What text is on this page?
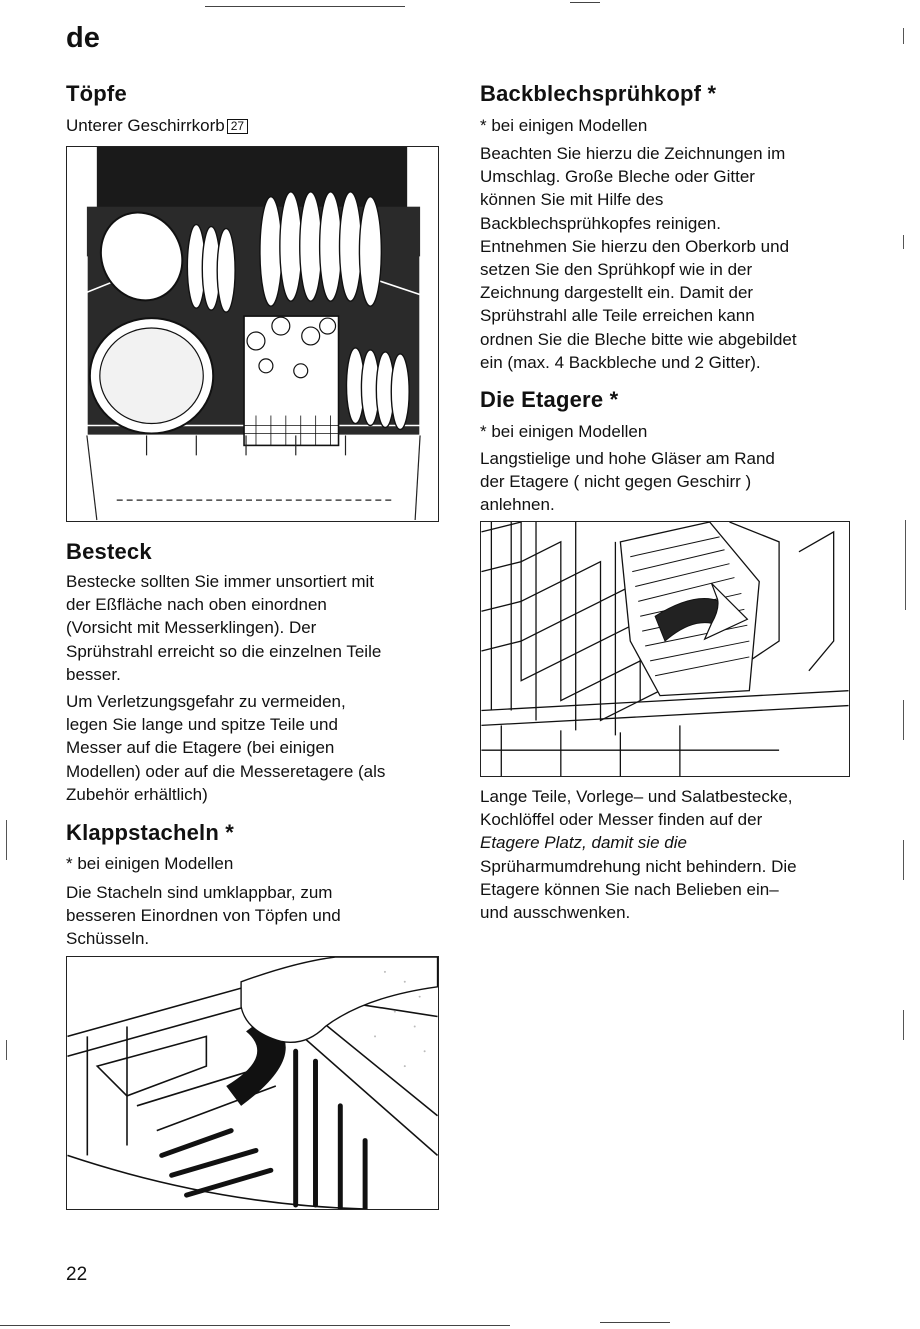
de
Töpfe
Unterer Geschirrkorb 27
Besteck

Bestecke sollten Sie immer unsortiert mit

der Eßfläche nach oben einordnen

(Vorsicht mit Messerklingen). Der

Sprühstrahl erreicht so die einzelnen Teile

besser.

Um Verletzungsgefahr zu vermeiden,

legen Sie lange und spitze Teile und

Messer auf die Etagere (bei einigen

Modellen) oder auf die Messeretagere (als

Zubehör erhältlich)

Klappstacheln *
* bei einigen Modellen

Die Stacheln sind umklappbar, zum

besseren Einordnen von Töpfen und

Schüsseln.

22
Backblechsprühkopf *
* bei einigen Modellen

Beachten Sie hierzu die Zeichnungen im

Umschlag. Große Bleche oder Gitter

können Sie mit Hilfe des

Backblechsprühkopfes reinigen.

Entnehmen Sie hierzu den Oberkorb und

setzen Sie den Sprühkopf wie in der

Zeichnung dargestellt ein. Damit der

Sprühstrahl alle Teile erreichen kann

ordnen Sie die Bleche bitte wie abgebildet

ein (max. 4 Backbleche und 2 Gitter).

Die Etagere *
* bei einigen Modellen

Langstielige und hohe Gläser am Rand

der Etagere ( nicht gegen Geschirr )

anlehnen.

Lange Teile, Vorlege– und Salatbestecke,

Kochlöffel oder Messer finden auf der

Etagere Platz, damit sie die

Sprüharmumdrehung nicht behindern. Die

Etagere können Sie nach Belieben ein–

und ausschwenken.
